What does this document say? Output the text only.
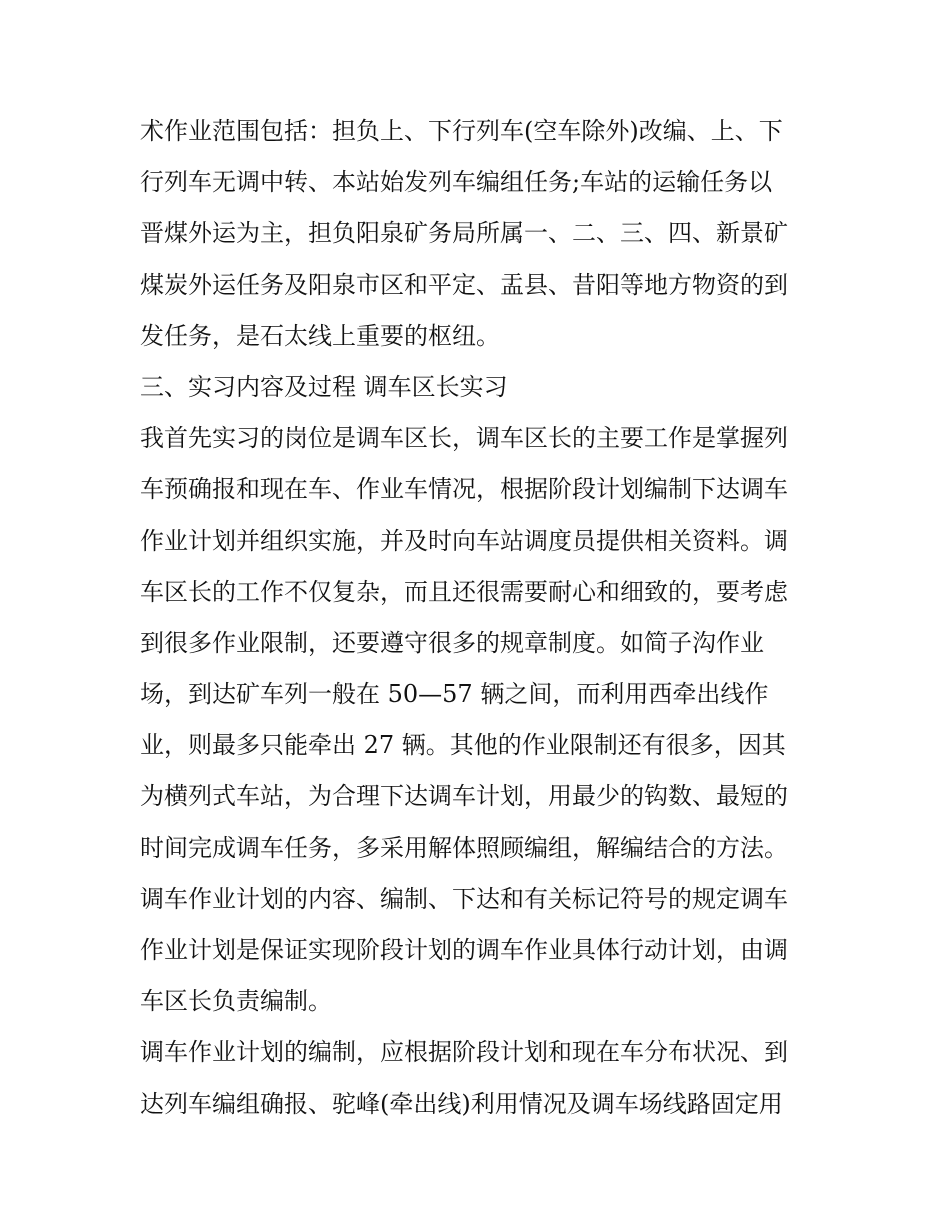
术作业范围包括：担负上、下行列车(空车除外)改编、上、下
行列车无调中转、本站始发列车编组任务;车站的运输任务以
晋煤外运为主，担负阳泉矿务局所属一、二、三、四、新景矿
煤炭外运任务及阳泉市区和平定、盂县、昔阳等地方物资的到
发任务，是石太线上重要的枢纽。
三、实习内容及过程 调车区长实习
我首先实习的岗位是调车区长，调车区长的主要工作是掌握列
车预确报和现在车、作业车情况，根据阶段计划编制下达调车
作业计划并组织实施，并及时向车站调度员提供相关资料。调
车区长的工作不仅复杂，而且还很需要耐心和细致的，要考虑
到很多作业限制，还要遵守很多的规章制度。如简子沟作业
场，到达矿车列一般在 50—57 辆之间，而利用西牵出线作
业，则最多只能牵出 27 辆。其他的作业限制还有很多，因其
为横列式车站，为合理下达调车计划，用最少的钩数、最短的
时间完成调车任务，多采用解体照顾编组，解编结合的方法。
调车作业计划的内容、编制、下达和有关标记符号的规定调车
作业计划是保证实现阶段计划的调车作业具体行动计划，由调
车区长负责编制。
调车作业计划的编制，应根据阶段计划和现在车分布状况、到
达列车编组确报、驼峰(牵出线)利用情况及调车场线路固定用
